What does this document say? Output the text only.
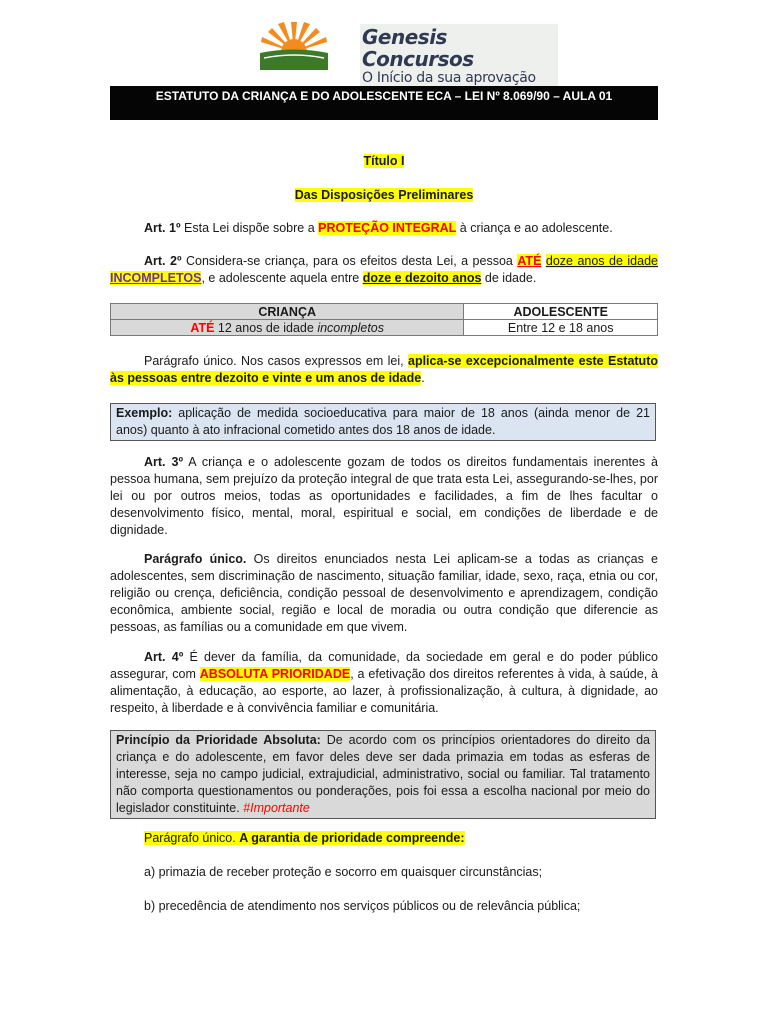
Genesis Concursos
O Início da sua aprovação
ESTATUTO DA CRIANÇA E DO ADOLESCENTE ECA – LEI Nº 8.069/90 – AULA 01
Título I
Das Disposições Preliminares
Art. 1º Esta Lei dispõe sobre a PROTEÇÃO INTEGRAL à criança e ao adolescente.
Art. 2º Considera-se criança, para os efeitos desta Lei, a pessoa ATÉ doze anos de idade INCOMPLETOS, e adolescente aquela entre doze e dezoito anos de idade.
CRIANÇA	ADOLESCENTE
ATÉ 12 anos de idade incompletos	Entre 12 e 18 anos
Parágrafo único. Nos casos expressos em lei, aplica-se excepcionalmente este Estatuto às pessoas entre dezoito e vinte e um anos de idade.
Exemplo: aplicação de medida socioeducativa para maior de 18 anos (ainda menor de 21 anos) quanto à ato infracional cometido antes dos 18 anos de idade.
Art. 3º A criança e o adolescente gozam de todos os direitos fundamentais inerentes à pessoa humana, sem prejuízo da proteção integral de que trata esta Lei, assegurando-se-lhes, por lei ou por outros meios, todas as oportunidades e facilidades, a fim de lhes facultar o desenvolvimento físico, mental, moral, espiritual e social, em condições de liberdade e de dignidade.
Parágrafo único. Os direitos enunciados nesta Lei aplicam-se a todas as crianças e adolescentes, sem discriminação de nascimento, situação familiar, idade, sexo, raça, etnia ou cor, religião ou crença, deficiência, condição pessoal de desenvolvimento e aprendizagem, condição econômica, ambiente social, região e local de moradia ou outra condição que diferencie as pessoas, as famílias ou a comunidade em que vivem.
Art. 4º É dever da família, da comunidade, da sociedade em geral e do poder público assegurar, com ABSOLUTA PRIORIDADE, a efetivação dos direitos referentes à vida, à saúde, à alimentação, à educação, ao esporte, ao lazer, à profissionalização, à cultura, à dignidade, ao respeito, à liberdade e à convivência familiar e comunitária.
Princípio da Prioridade Absoluta: De acordo com os princípios orientadores do direito da criança e do adolescente, em favor deles deve ser dada primazia em todas as esferas de interesse, seja no campo judicial, extrajudicial, administrativo, social ou familiar. Tal tratamento não comporta questionamentos ou ponderações, pois foi essa a escolha nacional por meio do legislador constituinte. #Importante
Parágrafo único. A garantia de prioridade compreende:
a) primazia de receber proteção e socorro em quaisquer circunstâncias;
b) precedência de atendimento nos serviços públicos ou de relevância pública;
